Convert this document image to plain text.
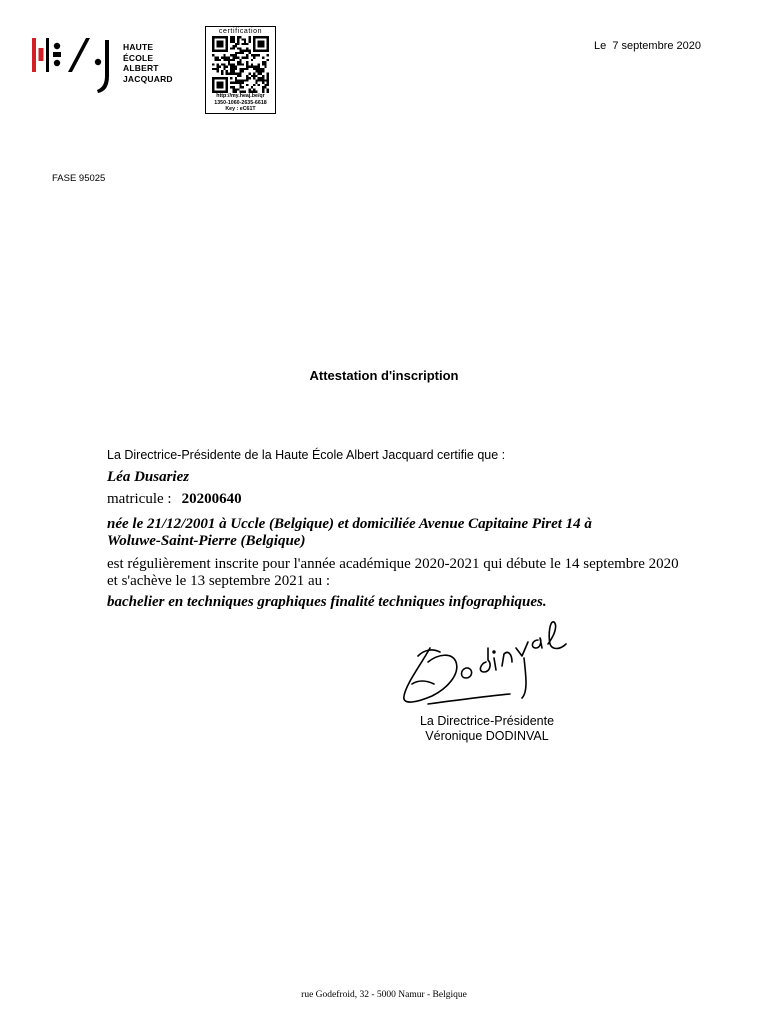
HAUTE
ÉCOLE
ALBERT
JACQUARD
certification
http://my.heaj.be/qr
1350-1060-2635-6618
Key : eC61T
Le 7 septembre 2020
FASE 95025
Attestation d'inscription
La Directrice-Présidente de la Haute École Albert Jacquard certifie que :
Léa Dusariez
matricule : 20200640
née le 21/12/2001 à Uccle (Belgique) et domiciliée Avenue Capitaine Piret 14 à
Woluwe-Saint-Pierre (Belgique)
est régulièrement inscrite pour l'année académique 2020-2021 qui débute le 14 septembre 2020
et s'achève le 13 septembre 2021 au :
bachelier en techniques graphiques finalité techniques infographiques.
La Directrice-Présidente
Véronique DODINVAL
rue Godefroid, 32 - 5000 Namur - Belgique
